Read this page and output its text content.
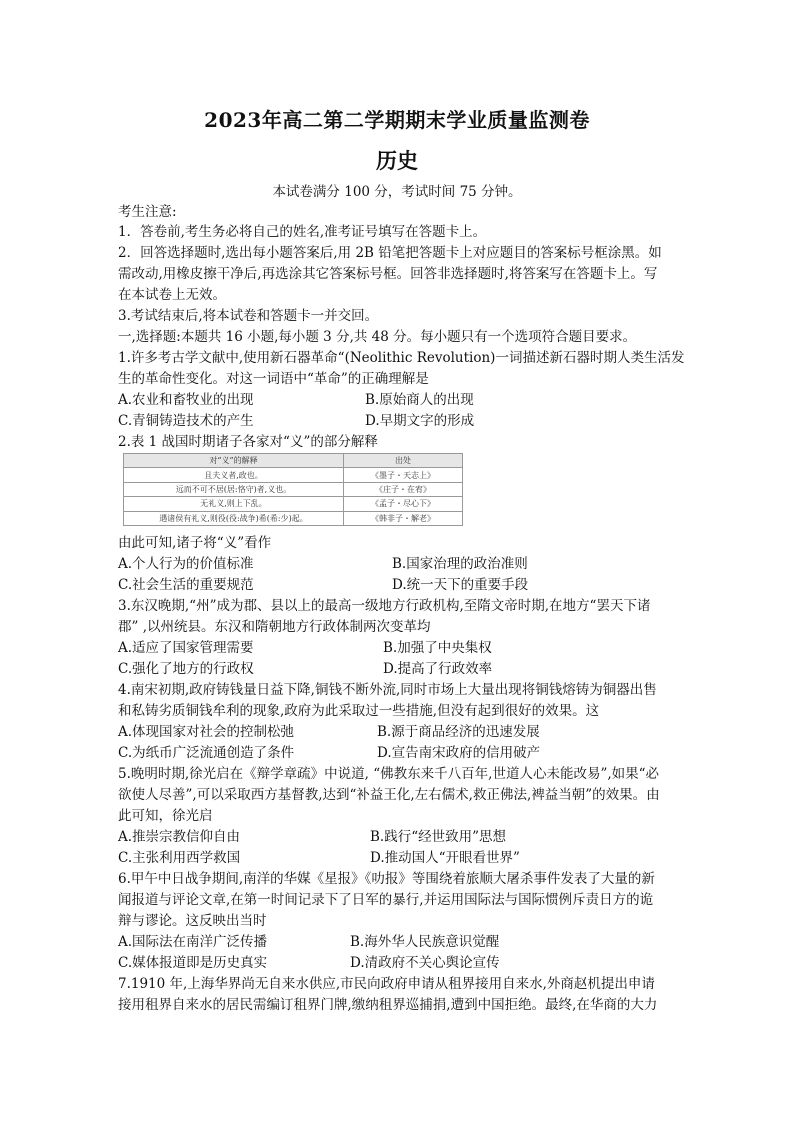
2023年高二第二学期期末学业质量监测卷
历史
本试卷满分 100 分，考试时间 75 分钟。
考生注意:
1．答卷前,考生务必将自己的姓名,准考证号填写在答题卡上。
2．回答选择题时,选出每小题答案后,用 2B 铅笔把答题卡上对应题目的答案标号框涂黑。如
需改动,用橡皮擦干净后,再选涂其它答案标号框。回答非选择题时,将答案写在答题卡上。写
在本试卷上无效。
3.考试结束后,将本试卷和答题卡一并交回。
一,选择题:本题共 16 小题,每小题 3 分,共 48 分。每小题只有一个选项符合题目要求。
1.许多考古学文献中,使用新石器革命“(Neolithic Revolution)一词描述新石器时期人类生活发
生的革命性变化。对这一词语中“革命”的正确理解是
A.农业和畜牧业的出现	B.原始商人的出现
C.青铜铸造技术的产生	D.早期文字的形成
2.表 1 战国时期诸子各家对“义”的部分解释
对“义”的解释	出处
且夫义者,政也。	《墨子・天志上》
远而不可不居(居:恪守)者,义也。	《庄子・在宥》
无礼义,则上下乱。	《孟子・尽心下》
遇诸侯有礼义,则役(役:战争)希(希:少)起。	《韩非子・解老》
由此可知,诸子将“义”看作
A.个人行为的价值标准	B.国家治理的政治准则
C.社会生活的重要规范	D.统一天下的重要手段
3.东汉晚期,“州”成为郡、县以上的最高一级地方行政机构,至隋文帝时期,在地方“罢天下诸
郡” ,以州统县。东汉和隋朝地方行政体制两次变革均
A.适应了国家管理需要	B.加强了中央集权
C.强化了地方的行政权	D.提高了行政效率
4.南宋初期,政府铸钱量日益下降,铜钱不断外流,同时市场上大量出现将铜钱熔铸为铜器出售
和私铸劣质铜钱牟利的现象,政府为此采取过一些措施,但没有起到很好的效果。这
A.体现国家对社会的控制松弛	B.源于商品经济的迅速发展
C.为纸币广泛流通创造了条件	D.宣告南宋政府的信用破产
5.晚明时期,徐光启在《辩学章疏》中说道, “佛教东来千八百年,世道人心未能改易”,如果“必
欲使人尽善”,可以采取西方基督教,达到“补益王化,左右儒术,救正佛法,裨益当朝”的效果。由
此可知，徐光启
A.推崇宗教信仰自由	B.践行“经世致用”思想
C.主张利用西学救国	D.推动国人“开眼看世界”
6.甲午中日战争期间,南洋的华媒《星报》《叻报》等围绕着旅顺大屠杀事件发表了大量的新
闻报道与评论文章,在第一时间记录下了日军的暴行,并运用国际法与国际惯例斥责日方的诡
辩与谬论。这反映出当时
A.国际法在南洋广泛传播	B.海外华人民族意识觉醒
C.媒体报道即是历史真实	D.清政府不关心舆论宣传
7.1910 年,上海华界尚无自来水供应,市民向政府申请从租界接用自来水,外商赵机提出申请
接用租界自来水的居民需编订租界门牌,缴纳租界巡捕捐,遭到中国拒绝。最终,在华商的大力
